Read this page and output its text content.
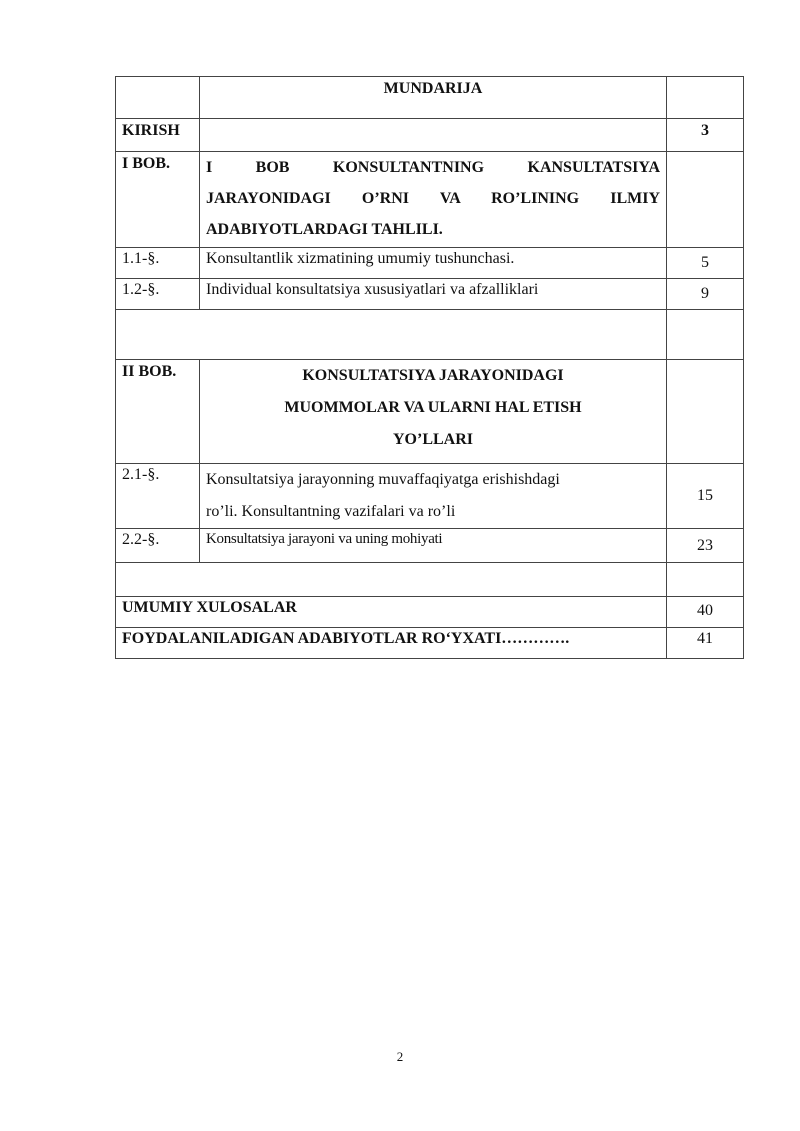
	MUNDARIJA	
KIRISH		3
I BOB.	I BOB KONSULTANTNING KANSULTATSIYA
JARAYONIDAGI O’RNI VA RO’LINING ILMIY
ADABIYOTLARDAGI TAHLILI.	

1.1-§.	Konsultantlik xizmatining umumiy tushunchasi.	5
1.2-§.	Individual konsultatsiya xususiyatlari va afzalliklari	9

II BOB.	KONSULTATSIYA JARAYONIDAGI
MUOMMOLAR VA ULARNI HAL ETISH
YO’LLARI	

2.1-§.	Konsultatsiya jarayonning muvaffaqiyatga erishishdagi
ro’li. Konsultantning vazifalari va ro’li	15
2.2-§.	Konsultatsiya jarayoni va uning mohiyati	23

UMUMIY XULOSALAR		40
FOYDALANILADIGAN ADABIYOTLAR RO‘YXATI………….		41
2
